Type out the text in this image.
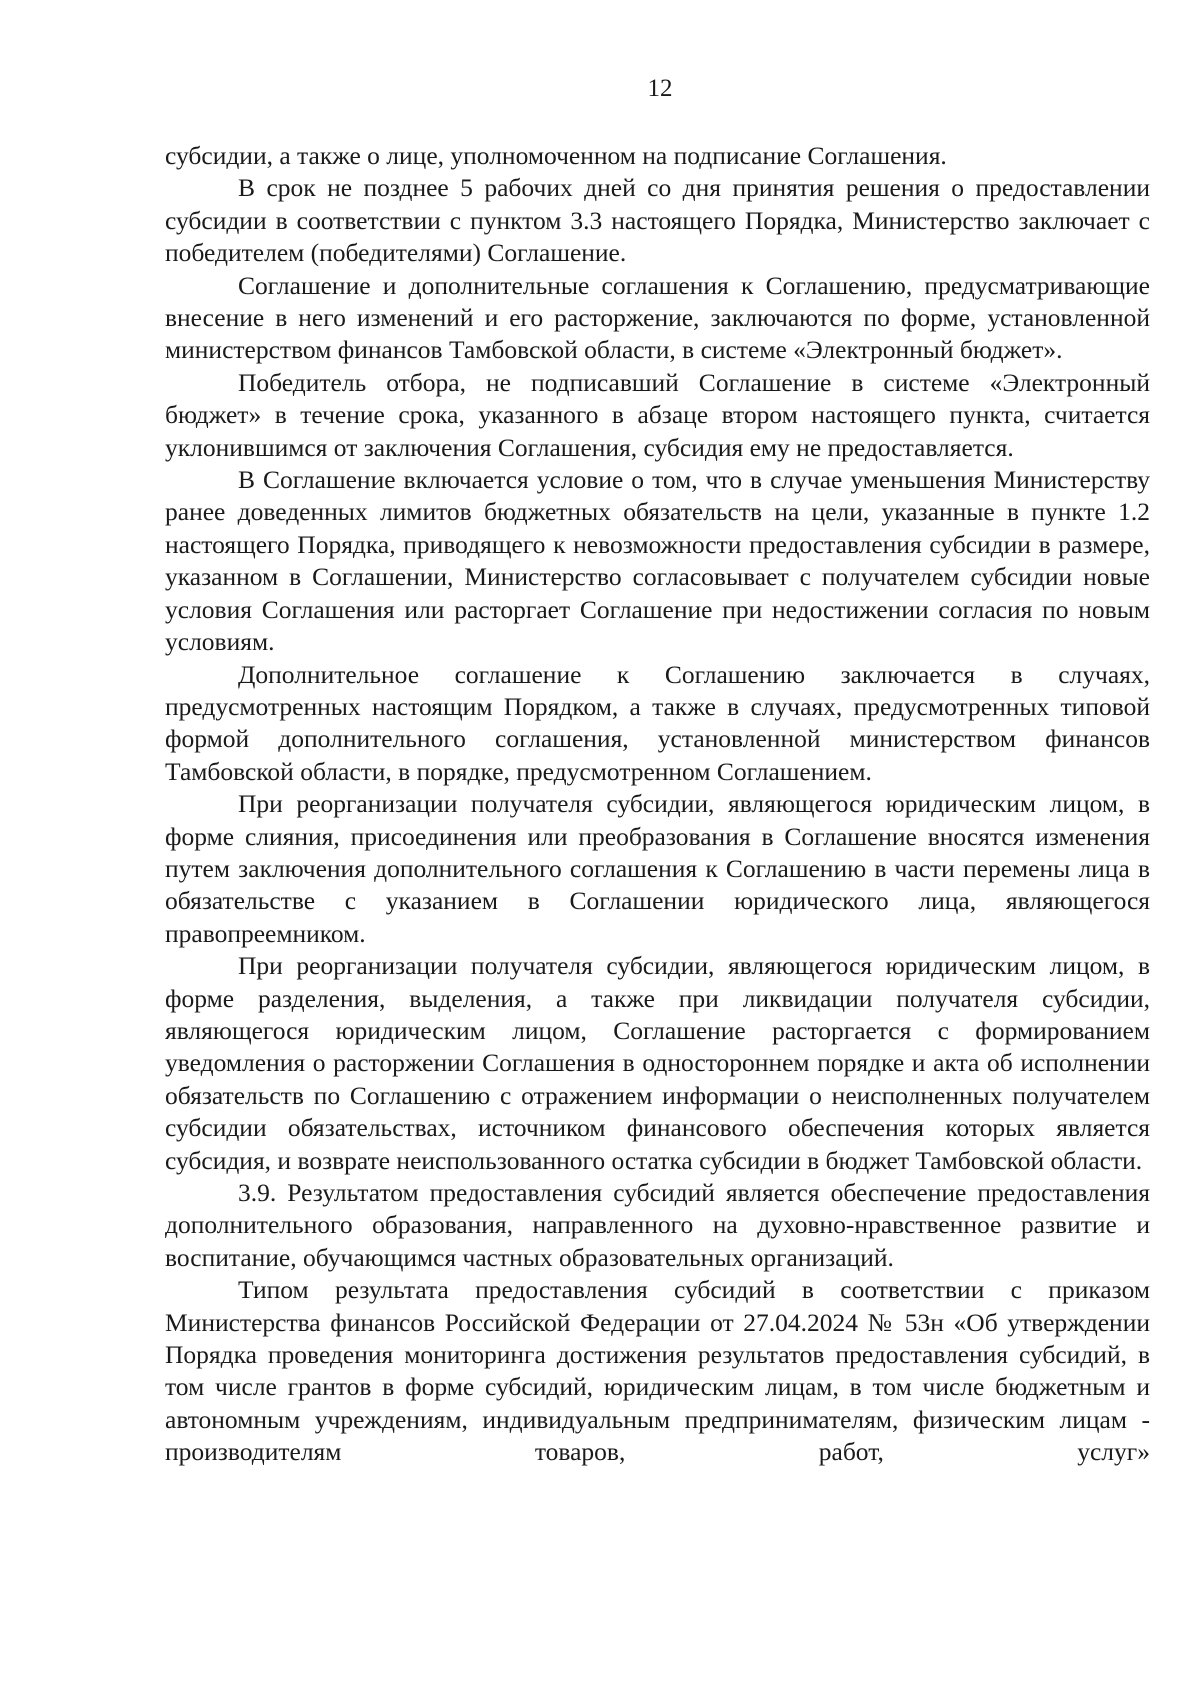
12

субсидии, а также о лице, уполномоченном на подписание Соглашения.

В срок не позднее 5 рабочих дней со дня принятия решения о предоставлении субсидии в соответствии с пунктом 3.3 настоящего Порядка, Министерство заключает с победителем (победителями) Соглашение.

Соглашение и дополнительные соглашения к Соглашению, предусматривающие внесение в него изменений и его расторжение, заключаются по форме, установленной министерством финансов Тамбовской области, в системе «Электронный бюджет».

Победитель отбора, не подписавший Соглашение в системе «Электронный бюджет» в течение срока, указанного в абзаце втором настоящего пункта, считается уклонившимся от заключения Соглашения, субсидия ему не предоставляется.

В Соглашение включается условие о том, что в случае уменьшения Министерству ранее доведенных лимитов бюджетных обязательств на цели, указанные в пункте 1.2 настоящего Порядка, приводящего к невозможности предоставления субсидии в размере, указанном в Соглашении, Министерство согласовывает с получателем субсидии новые условия Соглашения или расторгает Соглашение при недостижении согласия по новым условиям.

Дополнительное соглашение к Соглашению заключается в случаях, предусмотренных настоящим Порядком, а также в случаях, предусмотренных типовой формой дополнительного соглашения, установленной министерством финансов Тамбовской области, в порядке, предусмотренном Соглашением.

При реорганизации получателя субсидии, являющегося юридическим лицом, в форме слияния, присоединения или преобразования в Соглашение вносятся изменения путем заключения дополнительного соглашения к Соглашению в части перемены лица в обязательстве с указанием в Соглашении юридического лица, являющегося правопреемником.

При реорганизации получателя субсидии, являющегося юридическим лицом, в форме разделения, выделения, а также при ликвидации получателя субсидии, являющегося юридическим лицом, Соглашение расторгается с формированием уведомления о расторжении Соглашения в одностороннем порядке и акта об исполнении обязательств по Соглашению с отражением информации о неисполненных получателем субсидии обязательствах, источником финансового обеспечения которых является субсидия, и возврате неиспользованного остатка субсидии в бюджет Тамбовской области.

3.9. Результатом предоставления субсидий является обеспечение предоставления дополнительного образования, направленного на духовно-нравственное развитие и воспитание, обучающимся частных образовательных организаций.

Типом результата предоставления субсидий в соответствии с приказом Министерства финансов Российской Федерации от 27.04.2024 № 53н «Об утверждении Порядка проведения мониторинга достижения результатов предоставления субсидий, в том числе грантов в форме субсидий, юридическим лицам, в том числе бюджетным и автономным учреждениям, индивидуальным предпринимателям, физическим лицам - производителям товаров, работ, услуг»
